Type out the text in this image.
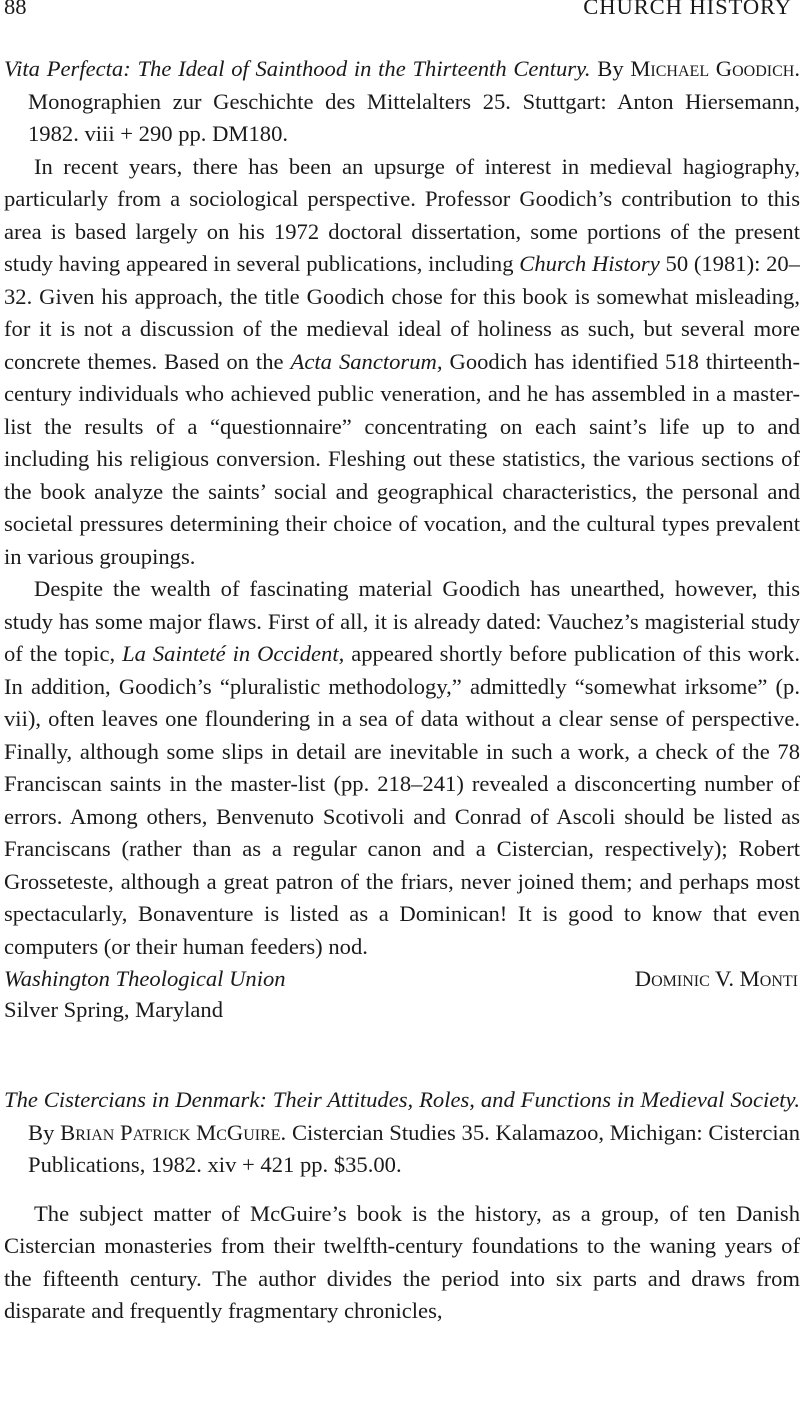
88	CHURCH HISTORY
Vita Perfecta: The Ideal of Sainthood in the Thirteenth Century. By Michael Goodich. Monographien zur Geschichte des Mittelalters 25. Stuttgart: Anton Hiersemann, 1982. viii + 290 pp. DM180.

In recent years, there has been an upsurge of interest in medieval hagiography, particularly from a sociological perspective. Professor Goodich’s contribution to this area is based largely on his 1972 doctoral dissertation, some portions of the present study having appeared in several publications, including Church History 50 (1981): 20–32. Given his approach, the title Goodich chose for this book is somewhat misleading, for it is not a discussion of the medieval ideal of holiness as such, but several more concrete themes. Based on the Acta Sanctorum, Goodich has identified 518 thirteenth-century individuals who achieved public veneration, and he has assembled in a master-list the results of a “questionnaire” concentrating on each saint’s life up to and including his religious conversion. Fleshing out these statistics, the various sections of the book analyze the saints’ social and geographical characteristics, the personal and societal pressures determining their choice of vocation, and the cultural types prevalent in various groupings.

Despite the wealth of fascinating material Goodich has unearthed, however, this study has some major flaws. First of all, it is already dated: Vauchez’s magisterial study of the topic, La Sainteté in Occident, appeared shortly before publication of this work. In addition, Goodich’s “pluralistic methodology,” admittedly “somewhat irksome” (p. vii), often leaves one floundering in a sea of data without a clear sense of perspective. Finally, although some slips in detail are inevitable in such a work, a check of the 78 Franciscan saints in the master-list (pp. 218–241) revealed a disconcerting number of errors. Among others, Benvenuto Scotivoli and Conrad of Ascoli should be listed as Franciscans (rather than as a regular canon and a Cistercian, respectively); Robert Grosseteste, although a great patron of the friars, never joined them; and perhaps most spectacularly, Bonaventure is listed as a Dominican! It is good to know that even computers (or their human feeders) nod.

Washington Theological Union
Silver Spring, Maryland
Dominic V. Monti
The Cistercians in Denmark: Their Attitudes, Roles, and Functions in Medieval Society. By Brian Patrick McGuire. Cistercian Studies 35. Kalamazoo, Michigan: Cistercian Publications, 1982. xiv + 421 pp. $35.00.

The subject matter of McGuire’s book is the history, as a group, of ten Danish Cistercian monasteries from their twelfth-century foundations to the waning years of the fifteenth century. The author divides the period into six parts and draws from disparate and frequently fragmentary chronicles,
